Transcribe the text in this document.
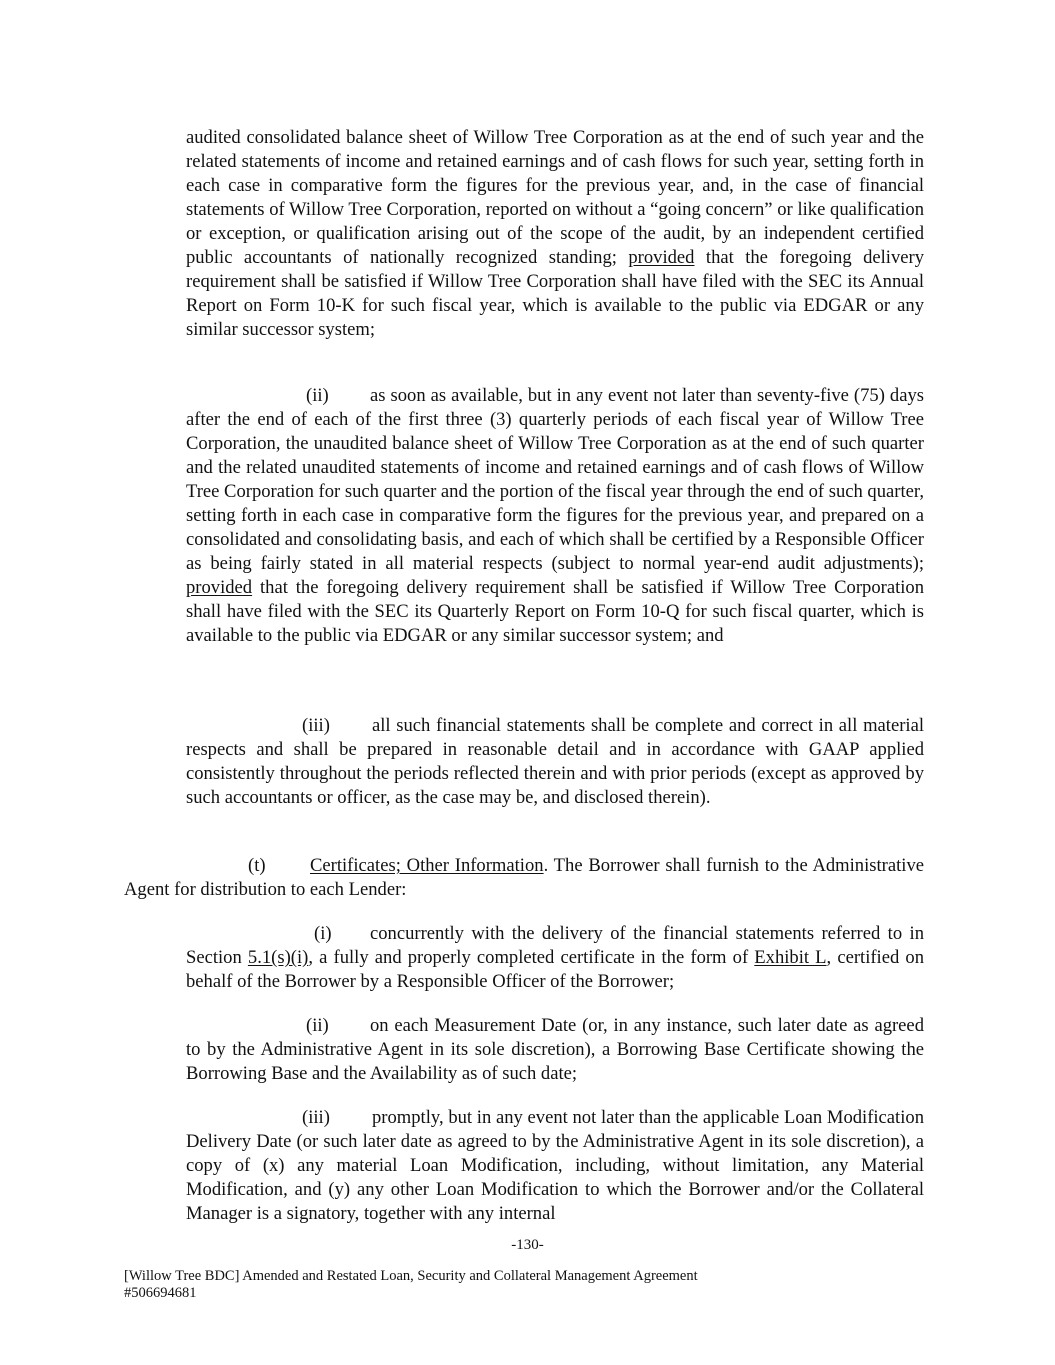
audited consolidated balance sheet of Willow Tree Corporation as at the end of such year and the related statements of income and retained earnings and of cash flows for such year, setting forth in each case in comparative form the figures for the previous year, and, in the case of financial statements of Willow Tree Corporation, reported on without a “going concern” or like qualification or exception, or qualification arising out of the scope of the audit, by an independent certified public accountants of nationally recognized standing; provided that the foregoing delivery requirement shall be satisfied if Willow Tree Corporation shall have filed with the SEC its Annual Report on Form 10-K for such fiscal year, which is available to the public via EDGAR or any similar successor system;

(ii) as soon as available, but in any event not later than seventy-five (75) days after the end of each of the first three (3) quarterly periods of each fiscal year of Willow Tree Corporation, the unaudited balance sheet of Willow Tree Corporation as at the end of such quarter and the related unaudited statements of income and retained earnings and of cash flows of Willow Tree Corporation for such quarter and the portion of the fiscal year through the end of such quarter, setting forth in each case in comparative form the figures for the previous year, and prepared on a consolidated and consolidating basis, and each of which shall be certified by a Responsible Officer as being fairly stated in all material respects (subject to normal year-end audit adjustments); provided that the foregoing delivery requirement shall be satisfied if Willow Tree Corporation shall have filed with the SEC its Quarterly Report on Form 10-Q for such fiscal quarter, which is available to the public via EDGAR or any similar successor system; and

(iii) all such financial statements shall be complete and correct in all material respects and shall be prepared in reasonable detail and in accordance with GAAP applied consistently throughout the periods reflected therein and with prior periods (except as approved by such accountants or officer, as the case may be, and disclosed therein).

(t) Certificates; Other Information. The Borrower shall furnish to the Administrative Agent for distribution to each Lender:

(i) concurrently with the delivery of the financial statements referred to in Section 5.1(s)(i), a fully and properly completed certificate in the form of Exhibit L, certified on behalf of the Borrower by a Responsible Officer of the Borrower;

(ii) on each Measurement Date (or, in any instance, such later date as agreed to by the Administrative Agent in its sole discretion), a Borrowing Base Certificate showing the Borrowing Base and the Availability as of such date;

(iii) promptly, but in any event not later than the applicable Loan Modification Delivery Date (or such later date as agreed to by the Administrative Agent in its sole discretion), a copy of (x) any material Loan Modification, including, without limitation, any Material Modification, and (y) any other Loan Modification to which the Borrower and/or the Collateral Manager is a signatory, together with any internal

-130-
[Willow Tree BDC] Amended and Restated Loan, Security and Collateral Management Agreement
#506694681
